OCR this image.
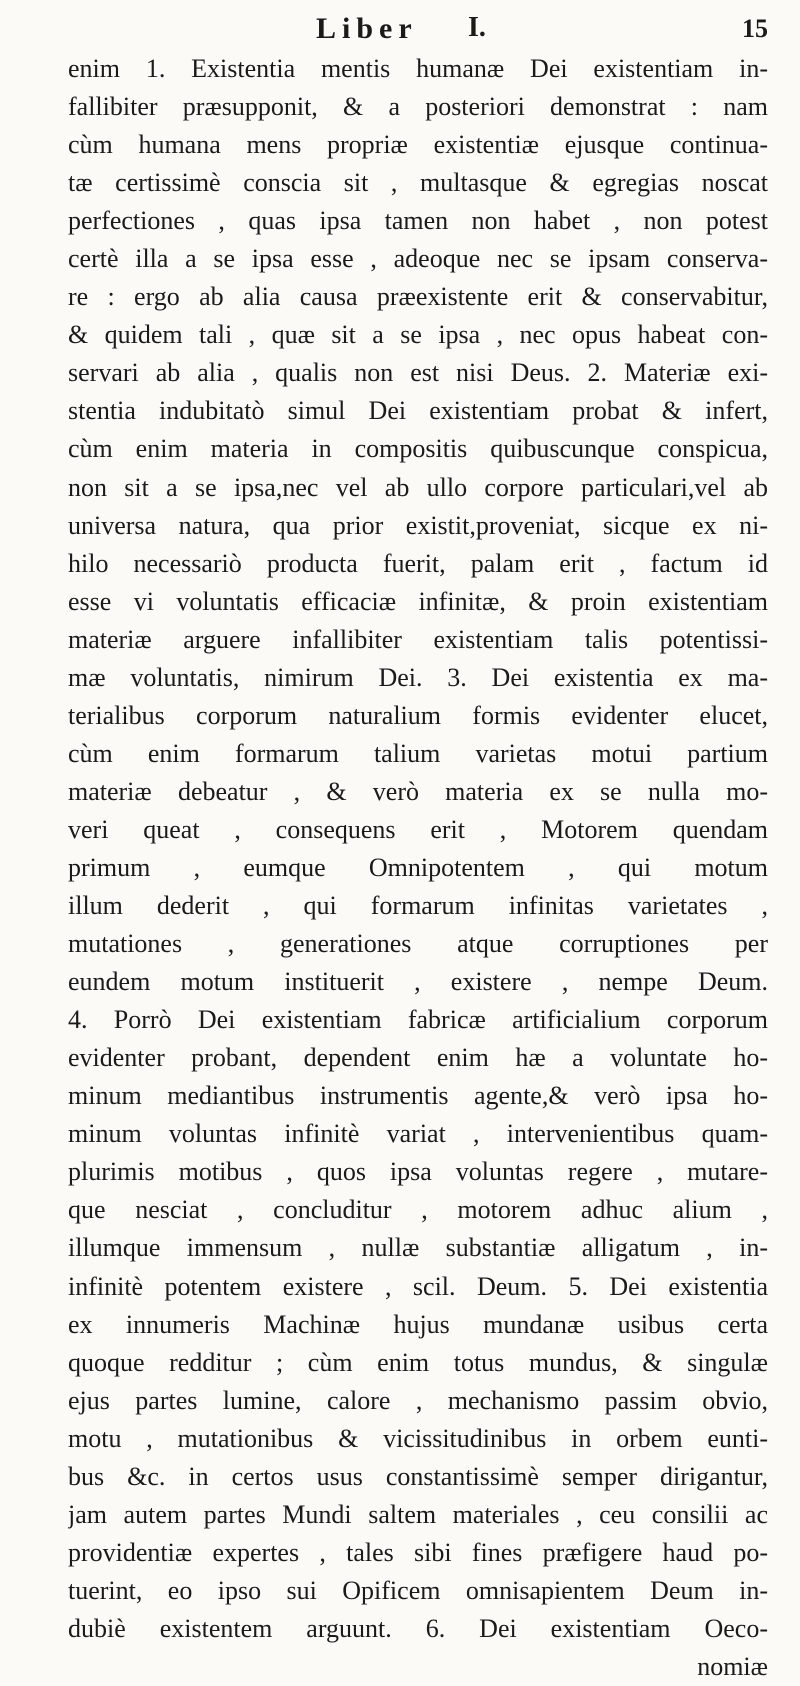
Liber I.	15
enim 1. Existentia mentis humanæ Dei existentiam in-
fallibiter præsupponit, & a posteriori demonstrat : nam
cùm humana mens propriæ existentiæ ejusque continua-
tæ certissimè conscia sit , multasque & egregias noscat
perfectiones , quas ipsa tamen non habet , non potest
certè illa a se ipsa esse , adeoque nec se ipsam conserva-
re : ergo ab alia causa præexistente erit & conservabitur,
& quidem tali , quæ sit a se ipsa , nec opus habeat con-
servari ab alia , qualis non est nisi Deus. 2. Materiæ exi-
stentia indubitatò simul Dei existentiam probat & infert,
cùm enim materia in compositis quibuscunque conspicua,
non sit a se ipsa,nec vel ab ullo corpore particulari,vel ab
universa natura, qua prior existit,proveniat, sicque ex ni-
hilo necessariò producta fuerit, palam erit , factum id
esse vi voluntatis efficaciæ infinitæ, & proin existentiam
materiæ arguere infallibiter existentiam talis potentissi-
mæ voluntatis, nimirum Dei. 3. Dei existentia ex ma-
terialibus corporum naturalium formis evidenter elucet,
cùm enim formarum talium varietas motui partium
materiæ debeatur , & verò materia ex se nulla mo-
veri queat , consequens erit , Motorem quendam
primum , eumque Omnipotentem , qui motum
illum dederit , qui formarum infinitas varietates ,
mutationes , generationes atque corruptiones per
eundem motum instituerit , existere , nempe Deum.
4. Porrò Dei existentiam fabricæ artificialium corporum
evidenter probant, dependent enim hæ a voluntate ho-
minum mediantibus instrumentis agente,& verò ipsa ho-
minum voluntas infinitè variat , intervenientibus quam-
plurimis motibus , quos ipsa voluntas regere , mutare-
que nesciat , concluditur , motorem adhuc alium ,
illumque immensum , nullæ substantiæ alligatum , in-
infinitè potentem existere , scil. Deum. 5. Dei existentia
ex innumeris Machinæ hujus mundanæ usibus certa
quoque redditur ; cùm enim totus mundus, & singulæ
ejus partes lumine, calore , mechanismo passim obvio,
motu , mutationibus & vicissitudinibus in orbem eunti-
bus &c. in certos usus constantissimè semper dirigantur,
jam autem partes Mundi saltem materiales , ceu consilii ac
providentiæ expertes , tales sibi fines præfigere haud po-
tuerint, eo ipso sui Opificem omnisapientem Deum in-
dubiè existentem arguunt. 6. Dei existentiam Oeco-
nomiæ
